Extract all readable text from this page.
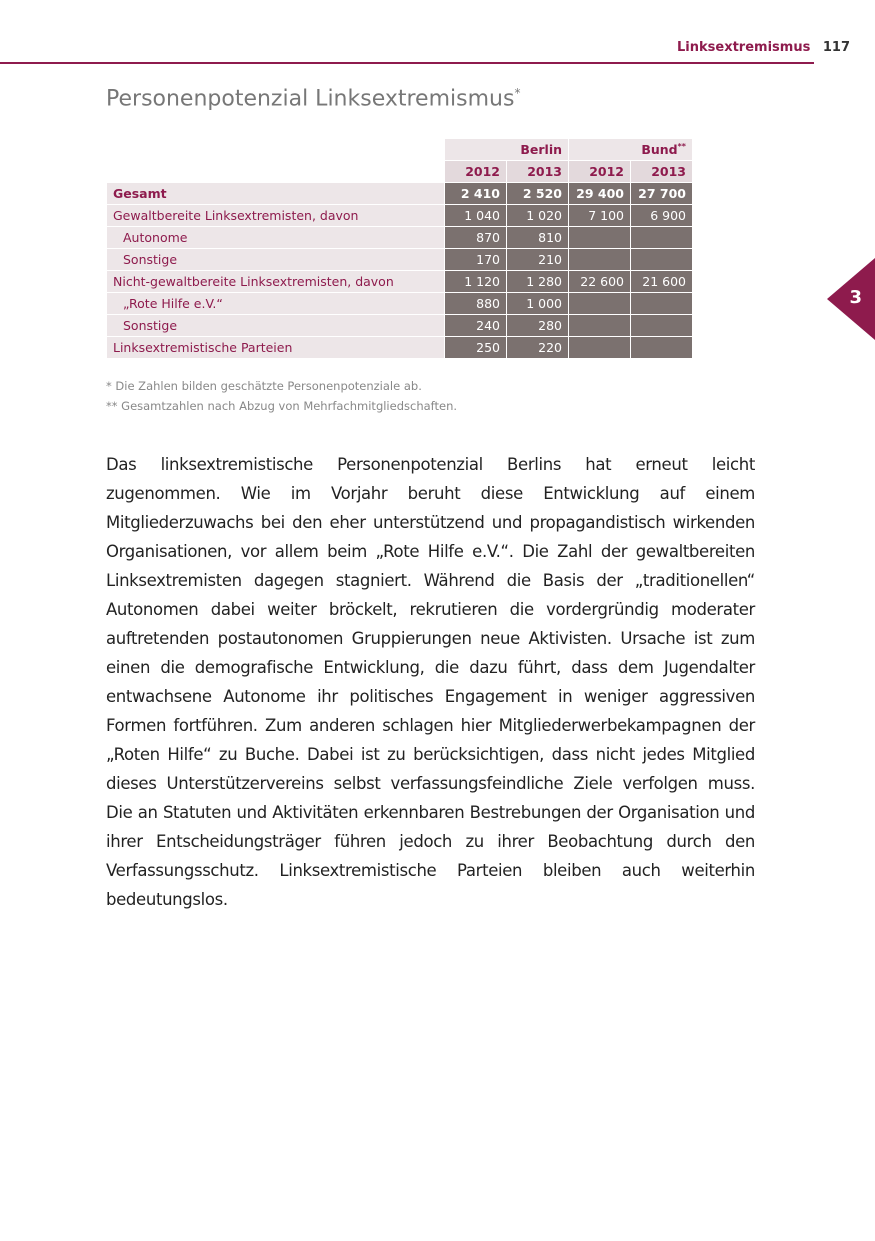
Linksextremismus 117
3
Personenpotenzial Linksextremismus*
	Berlin		Bund**
	2012	2013	2012	2013
Gesamt	2 410	2 520	29 400	27 700
Gewaltbereite Linksextremisten, davon	1 040	1 020	7 100	6 900
Autonome	870	810		
Sonstige	170	210		
Nicht-gewaltbereite Linksextremisten, davon	1 120	1 280	22 600	21 600
„Rote Hilfe e.V.“	880	1 000		
Sonstige	240	280		
Linksextremistische Parteien	250	220		
* Die Zahlen bilden geschätzte Personenpotenziale ab.
** Gesamtzahlen nach Abzug von Mehrfachmitgliedschaften.

Das linksextremistische Personenpotenzial Berlins hat erneut leicht zugenommen. Wie im Vorjahr beruht diese Entwicklung auf einem Mitgliederzuwachs bei den eher unterstützend und propagandistisch wirkenden Organisationen, vor allem beim „Rote Hilfe e.V.“. Die Zahl der gewaltbereiten Linksextremisten dagegen stagniert. Während die Basis der „traditionellen“ Autonomen dabei weiter bröckelt, rekrutieren die vordergründig moderater auftretenden postautonomen Gruppierungen neue Aktivisten. Ursache ist zum einen die demografische Entwicklung, die dazu führt, dass dem Jugendalter entwachsene Autonome ihr politisches Engagement in weniger aggressiven Formen fortführen. Zum anderen schlagen hier Mitgliederwerbekampagnen der „Roten Hilfe“ zu Buche. Dabei ist zu berücksichtigen, dass nicht jedes Mitglied dieses Unterstützervereins selbst verfassungsfeindliche Ziele verfolgen muss. Die an Statuten und Aktivitäten erkennbaren Bestrebungen der Organisation und ihrer Entscheidungsträger führen jedoch zu ihrer Beobachtung durch den Verfassungsschutz. Linksextremistische Parteien bleiben auch weiterhin bedeutungslos.
